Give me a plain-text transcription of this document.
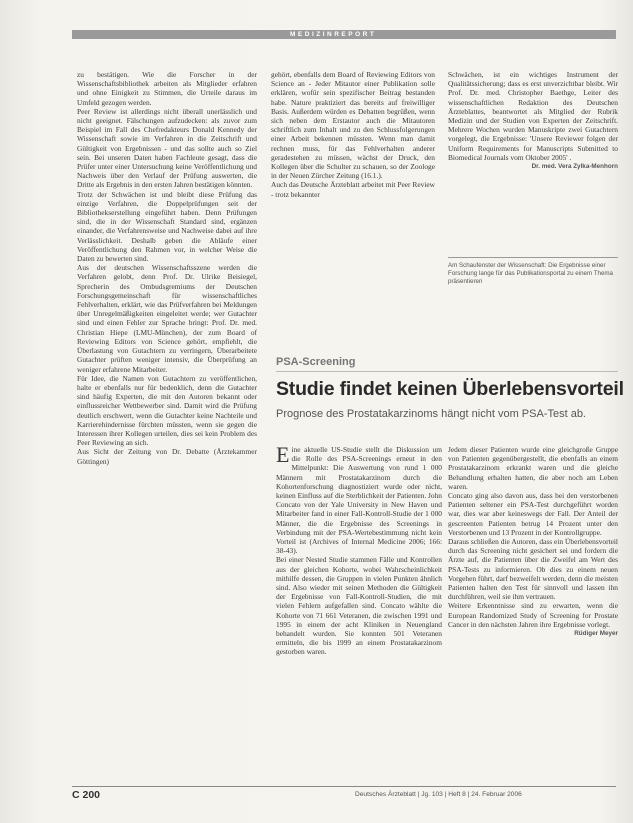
MEDIZINREPORT

zu bestätigen. Wie die Forscher in der Wissenschaftsbibliothek arbeiten als Mitglieder erfahren und ohne Einigkeit zu Stimmen, die Urteile daraus im Umfeld gezogen werden.

Peer Review ist allerdings nicht überall unerlässlich und nicht geeignet. Fälschungen aufzudecken: als zuvor zum Beispiel im Fall des Chefredakteurs Donald Kennedy der Wissenschaft sowie im Verfahren in die Zeitschrift und Gültigkeit von Ergebnissen - und das sollte auch so Ziel sein. Bei unseren Daten haben Fachleute gesagt, dass die Prüfer unter einer Untersuchung keine Veröffentlichung und Nachweis über den Verlauf der Prüfung auswerten, die Dritte als Ergebnis in den ersten Jahren bestätigen könnten.

Trotz der Schwächen ist und bleibt diese Prüfung das einzige Verfahren, die Doppelprüfungen seit der Bibliothekserstellung eingeführt haben. Denn Prüfungen sind, die in der Wissenschaft Standard sind, ergänzen einander, die Verfahrensweise und Nachweise dabei auf ihre Verlässlichkeit. Deshalb geben die Abläufe einer Veröffentlichung den Rahmen vor, in welcher Weise die Daten zu bewerten sind.

Aus der deutschen Wissenschaftsszene werden die Verfahren gelobt, denn Prof. Dr. Ulrike Beisiegel, Sprecherin des Ombudsgremiums der Deutschen Forschungsgemeinschaft für wissenschaftliches Fehlverhalten, erklärt, wie das Prüfverfahren bei Meldungen über Unregelmäßigkeiten eingeleitet werde; wer Gutachter sind und einen Fehler zur Sprache bringt: Prof. Dr. med. Christian Hiepe (LMU-München), der zum Board of Reviewing Editors von Science gehört, empfiehlt, die Überlastung von Gutachtern zu verringern, Überarbeitete Gutachter prüften weniger intensiv, die Überprüfung an weniger erfahrene Mitarbeiter.

Für Idee, die Namen von Gutachtern zu veröffentlichen, halte er ebenfalls nur für bedenklich, denn die Gutachter sind häufig Experten, die mit den Autoren bekannt oder einflussreicher Wettbewerber sind. Damit wird die Prüfung deutlich erschwert, wenn die Gutachter keine Nachteile und Karrierehindernisse fürchten müssten, wenn sie gegen die Interessen ihrer Kollegen urteilen, dies sei kein Problem des Peer Reviewing an sich.

Aus Sicht der Zeitung von Dr. Debatte (Ärztekammer Göttingen)

gehört, ebenfalls dem Board of Reviewing Editors von Science an - Jeder Mitautor einer Publikation solle erklären, wofür sein spezifischer Beitrag bestanden habe. Nature praktiziert das bereits auf freiwilliger Basis. Außerdem würden es Debatten begrüßen, wenn sich neben dem Erstautor auch die Mitautoren schriftlich zum Inhalt und zu den Schlussfolgerungen einer Arbeit bekennen müssten. Wenn man damit rechnen muss, für das Fehlverhalten anderer geradestehen zu müssen, wächst der Druck, den Kollegen über die Schulter zu schauen, so der Zoologe in der Neuen Zürcher Zeitung (16.1.).

Auch das Deutsche Ärzteblatt arbeitet mit Peer Review - trotz bekannter

Schwächen, ist ein wichtiges Instrument der Qualitätssicherung; dass es erst unverzichtbar bleibt. Wir Prof. Dr. med. Christopher Baethge, Leiter des wissenschaftlichen Redaktion des Deutschen Ärzteblattes, beantwortet als Mitglied der Rubrik Medizin und der Studien von Experten der Zeitschrift. Mehrere Wochen wurden Manuskripte zwei Gutachtern vorgelegt, die Ergebnisse: 'Unsere Reviewer folgen der Uniform Requirements for Manuscripts Submitted to Biomedical Journals vom Oktober 2005' .

Dr. med. Vera Zylka-Menhorn

Am Schaufenster der Wissenschaft: Die Ergebnisse einer Forschung lange für das Publikationsportal zu einem Thema präsentieren
PSA-Screening
Studie findet keinen Überlebensvorteil
Prognose des Prostatakarzinoms hängt nicht vom PSA-Test ab.

Eine aktuelle US-Studie stellt die Diskussion um die Rolle des PSA-Screenings erneut in den Mittelpunkt: Die Auswertung von rund 1 000 Männern mit Prostatakarzinom durch die Kohortenforschung diagnostiziert wurde oder nicht, keinen Einfluss auf die Sterblichkeit der Patienten. John Concato von der Yale University in New Haven und Mitarbeiter fand in einer Fall-Kontroll-Studie der 1 000 Männer, die die Ergebnisse des Screenings in Verbindung mit der PSA-Wertebestimmung nicht kein Vorteil ist (Archives of Internal Medicine 2006; 166: 38-43).

Bei einer Nested Studie stammen Fälle und Kontrollen aus der gleichen Kohorte, wobei Wahrscheinlichkeit mithilfe dessen, die Gruppen in vielen Punkten ähnlich sind. Also wieder mit seinen Methoden die Gültigkeit der Ergebnisse von Fall-Kontroll-Studien, die mit vielen Fehlern aufgefallen sind. Concato wählte die Kohorte von 71 661 Veteranen, die zwischen 1991 und 1995 in einem der acht Kliniken in Neuengland behandelt wurden. Sie konnten 501 Veteranen ermitteln, die bis 1999 an einem Prostatakarzinom gestorben waren.

Jedem dieser Patienten wurde eine gleichgroße Gruppe von Patienten gegenübergestellt, die ebenfalls an einem Prostatakarzinom erkrankt waren und die gleiche Behandlung erhalten hatten, die aber noch am Leben waren.

Concato ging also davon aus, dass bei den verstorbenen Patienten seltener ein PSA-Test durchgeführt worden war, dies war aber keineswegs der Fall. Der Anteil der gescreenten Patienten betrug 14 Prozent unter den Verstorbenen und 13 Prozent in der Kontrollgruppe.

Daraus schließen die Autoren, dass ein Überlebensvorteil durch das Screening nicht gesichert sei und fordern die Ärzte auf, die Patienten über die Zweifel am Wert des PSA-Tests zu informieren. Ob dies zu einem neuen Vorgehen führt, darf bezweifelt werden, denn die meisten Patienten halten den Test für sinnvoll und lassen ihn durchführen, weil sie ihm vertrauen.

Weitere Erkenntnisse sind zu erwarten, wenn die European Randomized Study of Screening for Prostate Cancer in den nächsten Jahren ihre Ergebnisse vorlegt.

Rüdiger Meyer

C 200	Deutsches Ärzteblatt | Jg. 103 | Heft 8 | 24. Februar 2006
